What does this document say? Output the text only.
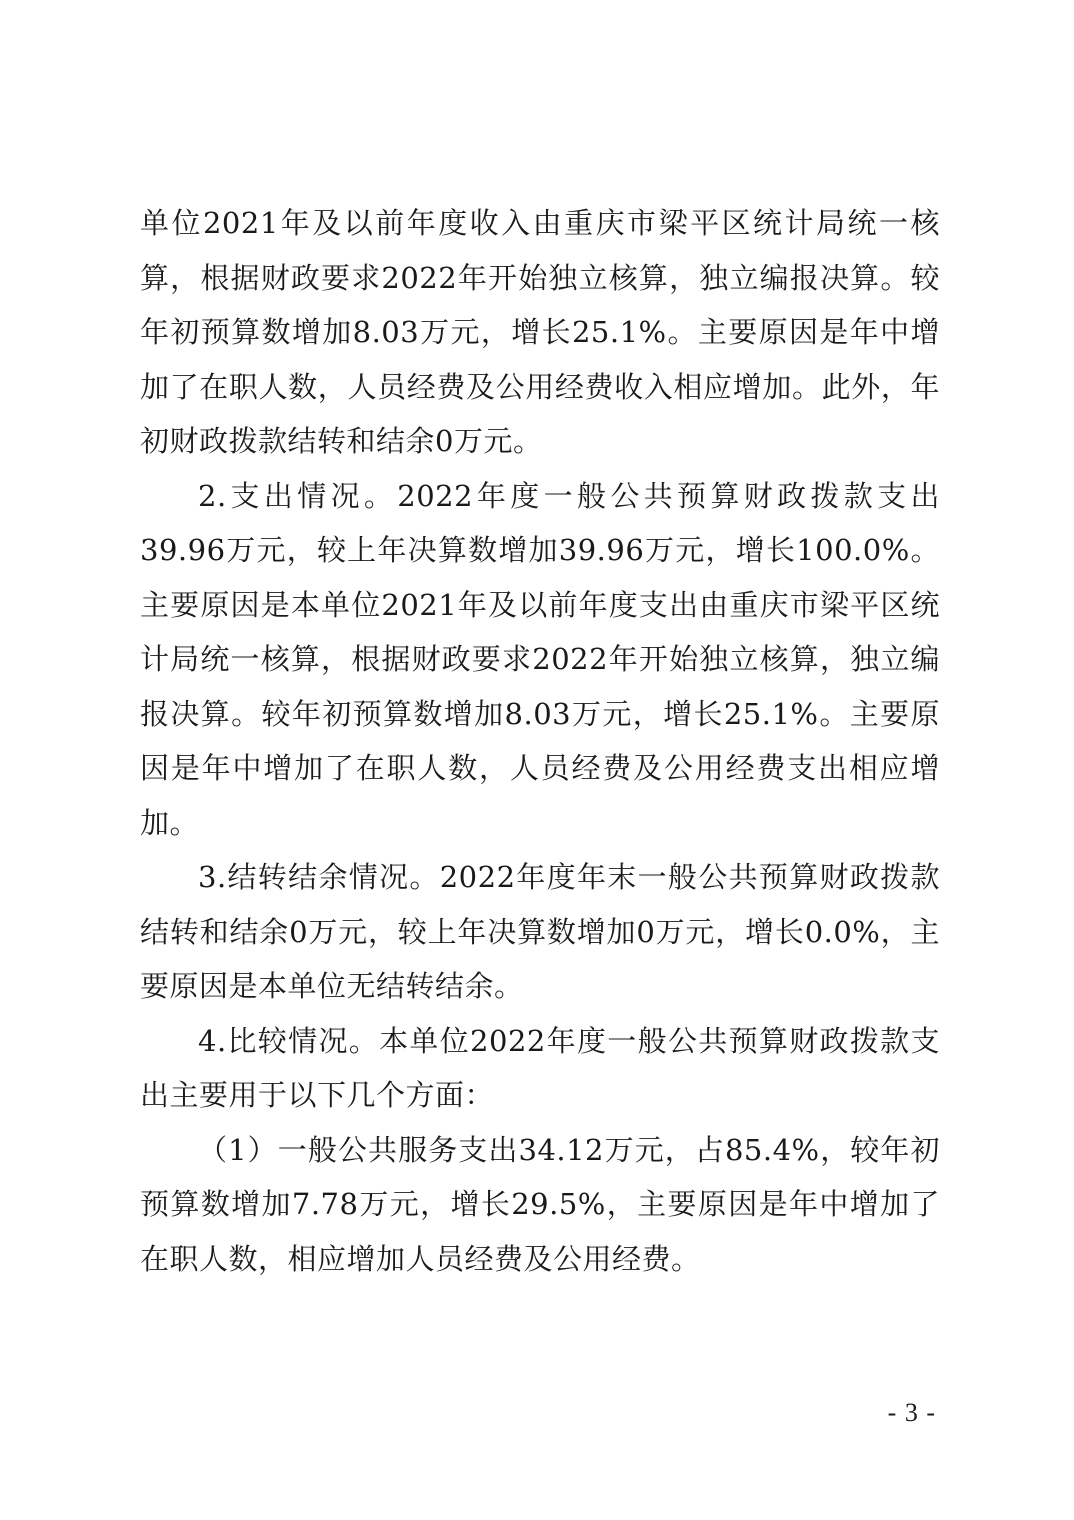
单位2021年及以前年度收入由重庆市梁平区统计局统一核算，根据财政要求2022年开始独立核算，独立编报决算。较年初预算数增加8.03万元，增长25.1%。主要原因是年中增加了在职人数，人员经费及公用经费收入相应增加。此外，年初财政拨款结转和结余0万元。

2.支出情况。2022年度一般公共预算财政拨款支出39.96万元，较上年决算数增加39.96万元，增长100.0%。主要原因是本单位2021年及以前年度支出由重庆市梁平区统计局统一核算，根据财政要求2022年开始独立核算，独立编报决算。较年初预算数增加8.03万元，增长25.1%。主要原因是年中增加了在职人数，人员经费及公用经费支出相应增加。

3.结转结余情况。2022年度年末一般公共预算财政拨款结转和结余0万元，较上年决算数增加0万元，增长0.0%，主要原因是本单位无结转结余。

4.比较情况。本单位2022年度一般公共预算财政拨款支出主要用于以下几个方面：

（1）一般公共服务支出34.12万元，占85.4%，较年初预算数增加7.78万元，增长29.5%，主要原因是年中增加了在职人数，相应增加人员经费及公用经费。

- 3 -
